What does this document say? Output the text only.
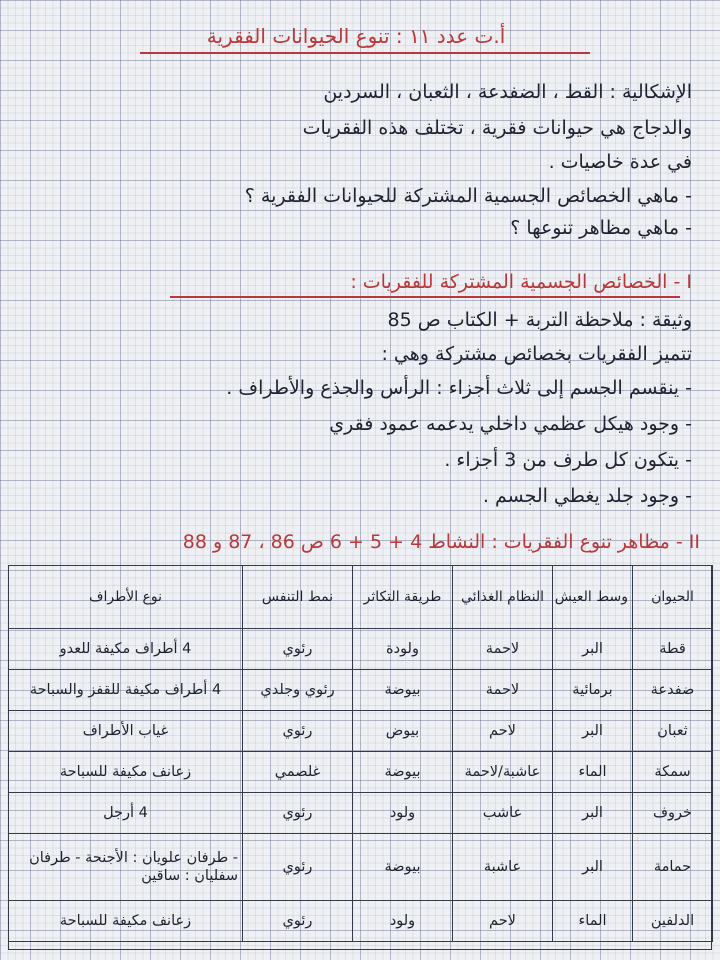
أ.ت عدد ١١ : تنوع الحيوانات الفقرية
الإشكالية : القط ، الضفدعة ، الثعبان ، السردين
والدجاج هي حيوانات فقرية ، تختلف هذه الفقريات
في عدة خاصيات .
- ماهي الخصائص الجسمية المشتركة للحيوانات الفقرية ؟
- ماهي مظاهر تنوعها ؟
I - الخصائص الجسمية المشتركة للفقريات :
وثيقة : ملاحظة التربة + الكتاب ص 85
تتميز الفقريات بخصائص مشتركة وهي :
- ينقسم الجسم إلى ثلاث أجزاء : الرأس والجذع والأطراف .
- وجود هيكل عظمي داخلي يدعمه عمود فقري
- يتكون كل طرف من 3 أجزاء .
- وجود جلد يغطي الجسم .
II - مظاهر تنوع الفقريات : النشاط 4 + 5 + 6 ص 86 ، 87 و 88
الحيوان	وسط العيش	النظام الغذائي	طريقة التكاثر	نمط التنفس	نوع الأطراف
قطة	البر	لاحمة	ولودة	رئوي	4 أطراف مكيفة للعدو
ضفدعة	برمائية	لاحمة	بيوضة	رئوي وجلدي	4 أطراف مكيفة للقفز والسباحة
ثعبان	البر	لاحم	بيوض	رئوي	غياب الأطراف
سمكة	الماء	عاشبة/لاحمة	بيوضة	غلصمي	زعانف مكيفة للسباحة
خروف	البر	عاشب	ولود	رئوي	4 أرجل
حمامة	البر	عاشبة	بيوضة	رئوي	- طرفان علويان : الأجنحة - طرفان سفليان : ساقين
الدلفين	الماء	لاحم	ولود	رئوي	زعانف مكيفة للسباحة
